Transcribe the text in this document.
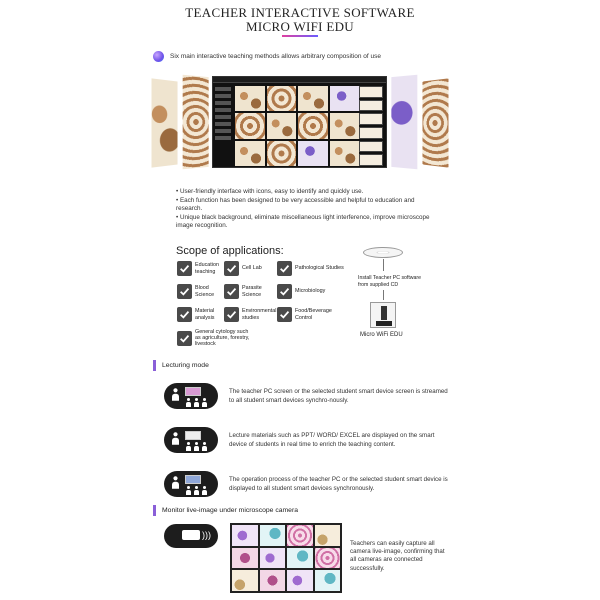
TEACHER INTERACTIVE SOFTWARE
MICRO WIFI EDU
Six main interactive teaching methods allows arbitrary composition of use
• User-friendly interface with icons, easy to identify and quickly use.
• Each function has been designed to be very accessible and helpful to education and research.
• Unique black background, eliminate miscellaneous light interference, improve microscope image recognition.
Scope of applications:
Education teaching
Cell Lab	Pathological Studies
Blood Science
Parasite Science
Microbiology
Material analysis
Environmental studies
Food/Beverage Control
General cytology such as agriculture, forestry, livestock
Install Teacher PC software from supplied CD
Micro WiFi EDU
Lecturing mode
The teacher PC screen or the selected student smart device screen is streamed to all student smart devices synchro-nously.
Lecture materials such as PPT/ WORD/ EXCEL are displayed on the smart device of students in real time to enrich the teaching content.
The operation process of the teacher PC or the selected student smart device is displayed to all student smart devices synchronously.
Monitor live-image under microscope camera
)))
Teachers can easily capture all camera live-image, confirming that all cameras are connected successfully.
